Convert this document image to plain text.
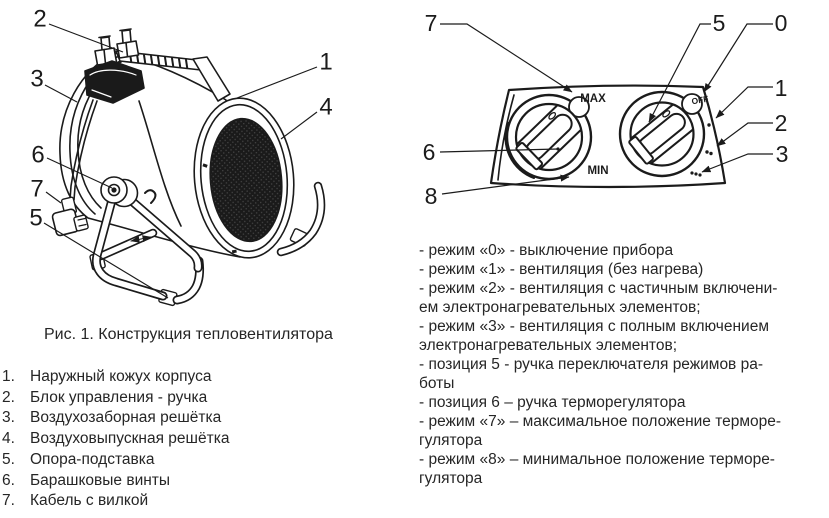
2
3
1
4
6
7
5
Рис. 1. Конструкция тепловентилятора
1. Наружный кожух корпуса
2. Блок управления - ручка
3. Воздухозаборная решётка
4. Воздуховыпускная решётка
5. Опора-подставка
6. Барашковые винты
7. Кабель с вилкой
MAX
MIN
OFF
7	5 0
1
2
3
6
8
- режим «0» - выключение прибора
- режим «1» - вентиляция (без нагрева)
- режим «2» - вентиляция с частичным включени-
ем электронагревательных элементов;
- режим «3» - вентиляция с полным включением
электронагревательных элементов;
- позиция 5 - ручка переключателя режимов ра-
боты
- позиция 6 – ручка терморегулятора
- режим «7» – максимальное положение терморе-
гулятора
- режим «8» – минимальное положение терморе-
гулятора
